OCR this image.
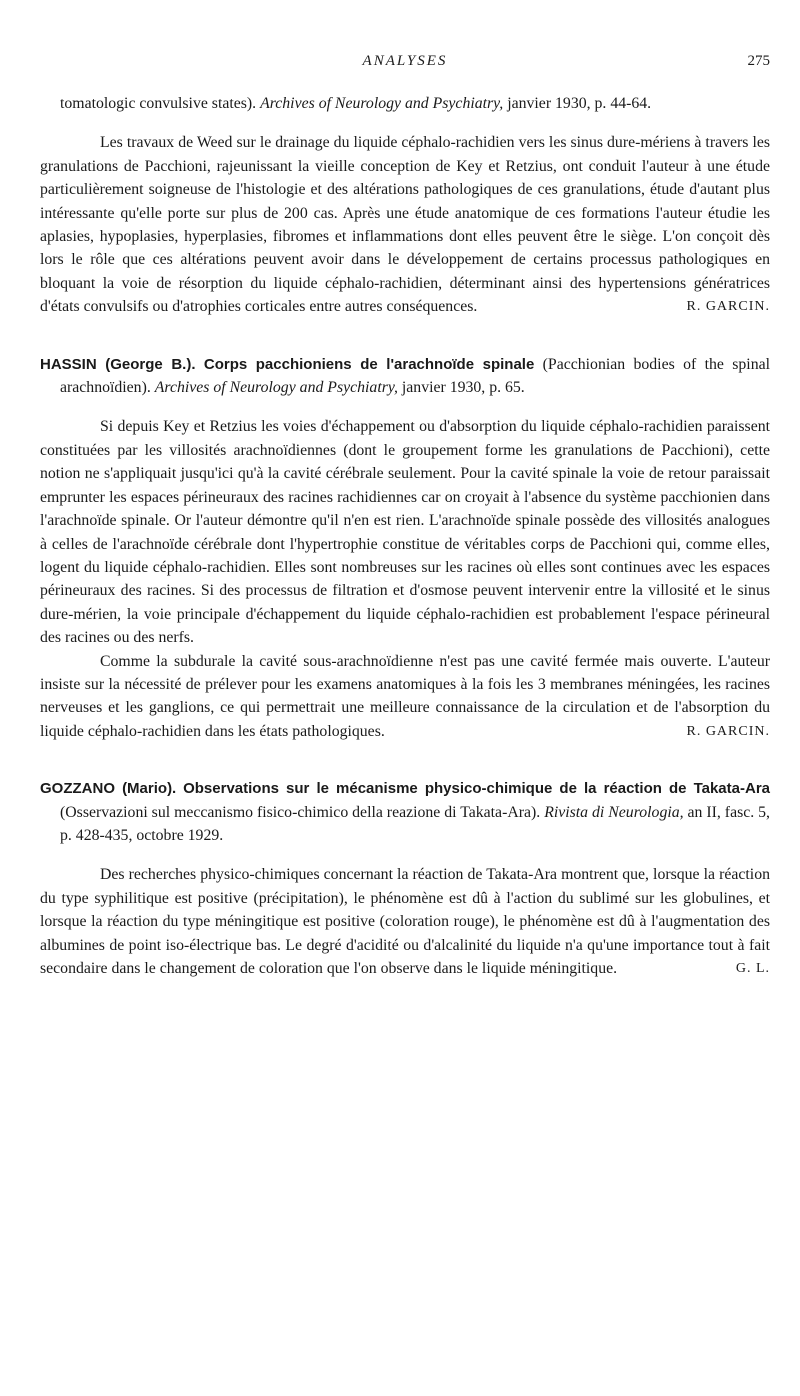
ANALYSES	275

tomatologic convulsive states). Archives of Neurology and Psychiatry, janvier 1930, p. 44-64.

Les travaux de Weed sur le drainage du liquide céphalo-rachidien vers les sinus dure-mériens à travers les granulations de Pacchioni, rajeunissant la vieille conception de Key et Retzius, ont conduit l'auteur à une étude particulièrement soigneuse de l'histologie et des altérations pathologiques de ces granulations, étude d'autant plus intéressante qu'elle porte sur plus de 200 cas. Après une étude anatomique de ces formations l'auteur étudie les aplasies, hypoplasies, hyperplasies, fibromes et inflammations dont elles peuvent être le siège. L'on conçoit dès lors le rôle que ces altérations peuvent avoir dans le développement de certains processus pathologiques en bloquant la voie de résorption du liquide céphalo-rachidien, déterminant ainsi des hypertensions génératrices d'états convulsifs ou d'atrophies corticales entre autres conséquences.	R. GARCIN.

HASSIN (George B.). Corps pacchioniens de l'arachnoïde spinale (Pacchionian bodies of the spinal arachnoïdien). Archives of Neurology and Psychiatry, janvier 1930, p. 65.

Si depuis Key et Retzius les voies d'échappement ou d'absorption du liquide céphalo-rachidien paraissent constituées par les villosités arachnoïdiennes (dont le groupement forme les granulations de Pacchioni), cette notion ne s'appliquait jusqu'ici qu'à la cavité cérébrale seulement. Pour la cavité spinale la voie de retour paraissait emprunter les espaces périneuraux des racines rachidiennes car on croyait à l'absence du système pacchionien dans l'arachnoïde spinale. Or l'auteur démontre qu'il n'en est rien. L'arachnoïde spinale possède des villosités analogues à celles de l'arachnoïde cérébrale dont l'hypertrophie constitue de véritables corps de Pacchioni qui, comme elles, logent du liquide céphalo-rachidien. Elles sont nombreuses sur les racines où elles sont continues avec les espaces périneuraux des racines. Si des processus de filtration et d'osmose peuvent intervenir entre la villosité et le sinus dure-mérien, la voie principale d'échappement du liquide céphalo-rachidien est probablement l'espace périneural des racines ou des nerfs.

Comme la subdurale la cavité sous-arachnoïdienne n'est pas une cavité fermée mais ouverte. L'auteur insiste sur la nécessité de prélever pour les examens anatomiques à la fois les 3 membranes méningées, les racines nerveuses et les ganglions, ce qui permettrait une meilleure connaissance de la circulation et de l'absorption du liquide céphalo-rachidien dans les états pathologiques.	R. GARCIN.

GOZZANO (Mario). Observations sur le mécanisme physico-chimique de la réaction de Takata-Ara (Osservazioni sul meccanismo fisico-chimico della reazione di Takata-Ara). Rivista di Neurologia, an II, fasc. 5, p. 428-435, octobre 1929.

Des recherches physico-chimiques concernant la réaction de Takata-Ara montrent que, lorsque la réaction du type syphilitique est positive (précipitation), le phénomène est dû à l'action du sublimé sur les globulines, et lorsque la réaction du type méningitique est positive (coloration rouge), le phénomène est dû à l'augmentation des albumines de point iso-électrique bas. Le degré d'acidité ou d'alcalinité du liquide n'a qu'une importance tout à fait secondaire dans le changement de coloration que l'on observe dans le liquide méningitique.	G. L.
